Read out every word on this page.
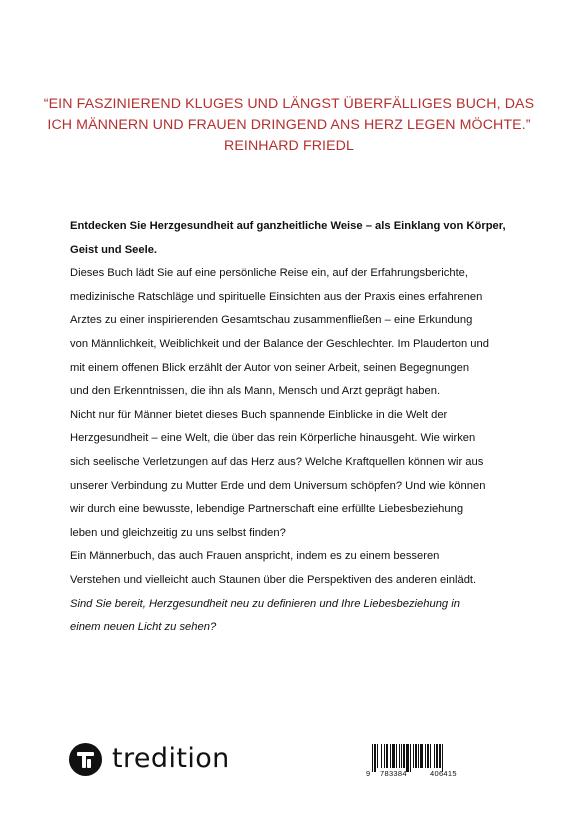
“EIN FASZINIEREND KLUGES UND LÄNGST ÜBERFÄLLIGES BUCH, DAS
ICH MÄNNERN UND FRAUEN DRINGEND ANS HERZ LEGEN MÖCHTE.”
REINHARD FRIEDL
Entdecken Sie Herzgesundheit auf ganzheitliche Weise – als Einklang von Körper,
Geist und Seele.
Dieses Buch lädt Sie auf eine persönliche Reise ein, auf der Erfahrungsberichte,
medizinische Ratschläge und spirituelle Einsichten aus der Praxis eines erfahrenen
Arztes zu einer inspirierenden Gesamtschau zusammenfließen – eine Erkundung
von Männlichkeit, Weiblichkeit und der Balance der Geschlechter. Im Plauderton und
mit einem offenen Blick erzählt der Autor von seiner Arbeit, seinen Begegnungen
und den Erkenntnissen, die ihn als Mann, Mensch und Arzt geprägt haben.
Nicht nur für Männer bietet dieses Buch spannende Einblicke in die Welt der
Herzgesundheit – eine Welt, die über das rein Körperliche hinausgeht. Wie wirken
sich seelische Verletzungen auf das Herz aus? Welche Kraftquellen können wir aus
unserer Verbindung zu Mutter Erde und dem Universum schöpfen? Und wie können
wir durch eine bewusste, lebendige Partnerschaft eine erfüllte Liebesbeziehung
leben und gleichzeitig zu uns selbst finden?
Ein Männerbuch, das auch Frauen anspricht, indem es zu einem besseren
Verstehen und vielleicht auch Staunen über die Perspektiven des anderen einlädt.
Sind Sie bereit, Herzgesundheit neu zu definieren und Ihre Liebesbeziehung in
einem neuen Licht zu sehen?
tredition	9 783384	406415
